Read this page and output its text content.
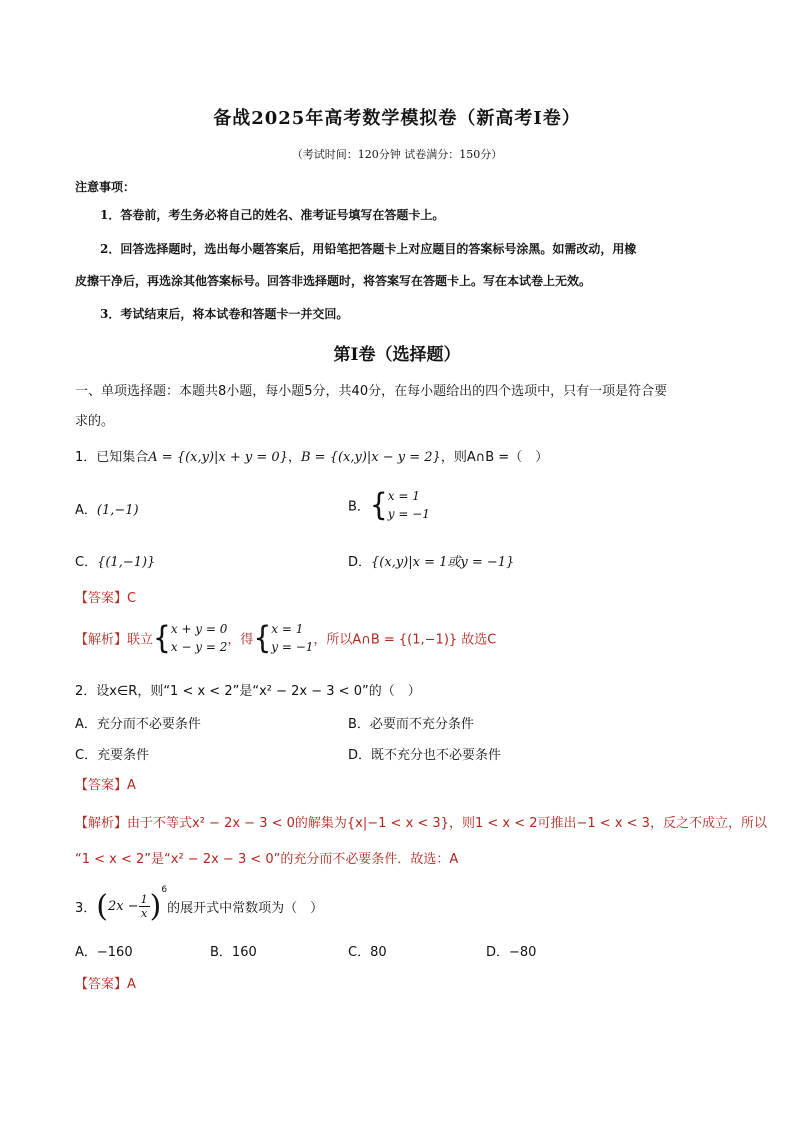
备战2025年高考数学模拟卷（新高考I卷）
（考试时间：120分钟 试卷满分：150分）
注意事项：
1．答卷前，考生务必将自己的姓名、准考证号填写在答题卡上。
2．回答选择题时，选出每小题答案后，用铅笔把答题卡上对应题目的答案标号涂黑。如需改动，用橡
皮擦干净后，再选涂其他答案标号。回答非选择题时，将答案写在答题卡上。写在本试卷上无效。
3．考试结束后，将本试卷和答题卡一并交回。
第I卷（选择题）
一、单项选择题：本题共8小题，每小题5分，共40分，在每小题给出的四个选项中，只有一项是符合要
求的。
1．已知集合A = {(x,y)|x + y = 0}，B = {(x,y)|x − y = 2}，则A∩B =（　）
A．(1,−1)	B．{ x = 1
y = −1
C．{(1,−1)}	D．{(x,y)|x = 1或y = −1}
【答案】C
【解析】联立{ x + y = 0
x − y = 2 ，得{ x = 1
y = −1 ，所以A∩B = {(1,−1)} 故选C
2．设x∈R，则“1 < x < 2”是“x² − 2x − 3 < 0”的（　）
A．充分而不必要条件	B．必要而不充分条件
C．充要条件	D．既不充分也不必要条件
【答案】A
【解析】由于不等式x² − 2x − 3 < 0的解集为{x|−1 < x < 3}，则1 < x < 2可推出−1 < x < 3，反之不成立，所以
“1 < x < 2”是“x² − 2x − 3 < 0”的充分而不必要条件．故选：A
3．$(2x - \frac{1}{x} )^6$的展开式中常数项为（　）
A．−160	B．160	C．80	D．−80
【答案】A
